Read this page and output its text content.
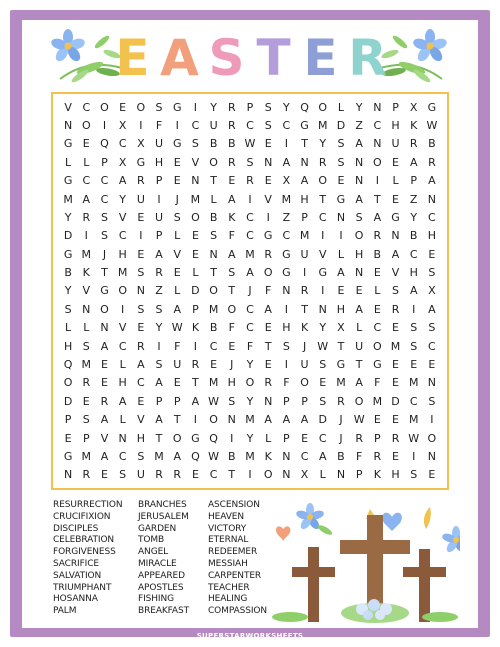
E A S T E R
V C O E O S G	I	Y	R	P	S	Y Q O L	Y N P	X G
N O	I	X	I	F	I	C U R C S C G M D Z C H K W
G E Q C X U G S B B W E	I	T	Y	S A N U R B
L	L	P	X G H E V O R S N A N R S N O E A R
G C C A R	P	E N T	E R E X A O E N	I	L	P	A
M A C Y U	I	J	M L	A	I	V M H T G A	T	E Z N
Y	R S V E U S O B K C	I	Z	P	C N S A G Y C
D	I	S C	I	P	L	E	S	F	C G C M	I	I	O R N B H
G M	J	H E A V E N A M R G U V	L H B A C E
B K	T M S R E	L	T	S A O G	I	G A N E V H S
Y	V G O N Z	L D O T	J	F N R	I	E	E	L	S A X
S N O	I	S	S A	P M O C A	I	T N H A E R	I	A
L	L	N V E	Y W K B	F	C E H K	Y	X	L	C E	S	S
H S A C R	I	F	I	C E	F	T	S	J	W T U O M S C
Q M E	L	A S U R E	J	Y	E	I	U S G T G E	E	E
O R E H C A E	T M H O R	F O E M A	F	E M N
D E R A E	P	P	A W S	Y N P	P	S R O M D C S
P	S A	L	V A	T	I	O N M A A A D	J	W E	E M	I
E	P	V N H T O G Q	I	Y	L	P	E C	J	R	P	R W O
G M A C S M A Q W B M K N C A B	F	R E	I	N
N R E	S U R R E C T	I	O N X	L	N P	K H S	E
RESURRECTION
CRUCIFIXION
DISCIPLES
CELEBRATION
FORGIVENESS
SACRIFICE
SALVATION
TRIUMPHANT
HOSANNA
PALM
BRANCHES
JERUSALEM
GARDEN
TOMB
ANGEL
MIRACLE
APPEARED
APOSTLES
FISHING
BREAKFAST
ASCENSION
HEAVEN
VICTORY
ETERNAL
REDEEMER
MESSIAH
CARPENTER
TEACHER
HEALING
COMPASSION
SUPERSTARWORKSHEETS
